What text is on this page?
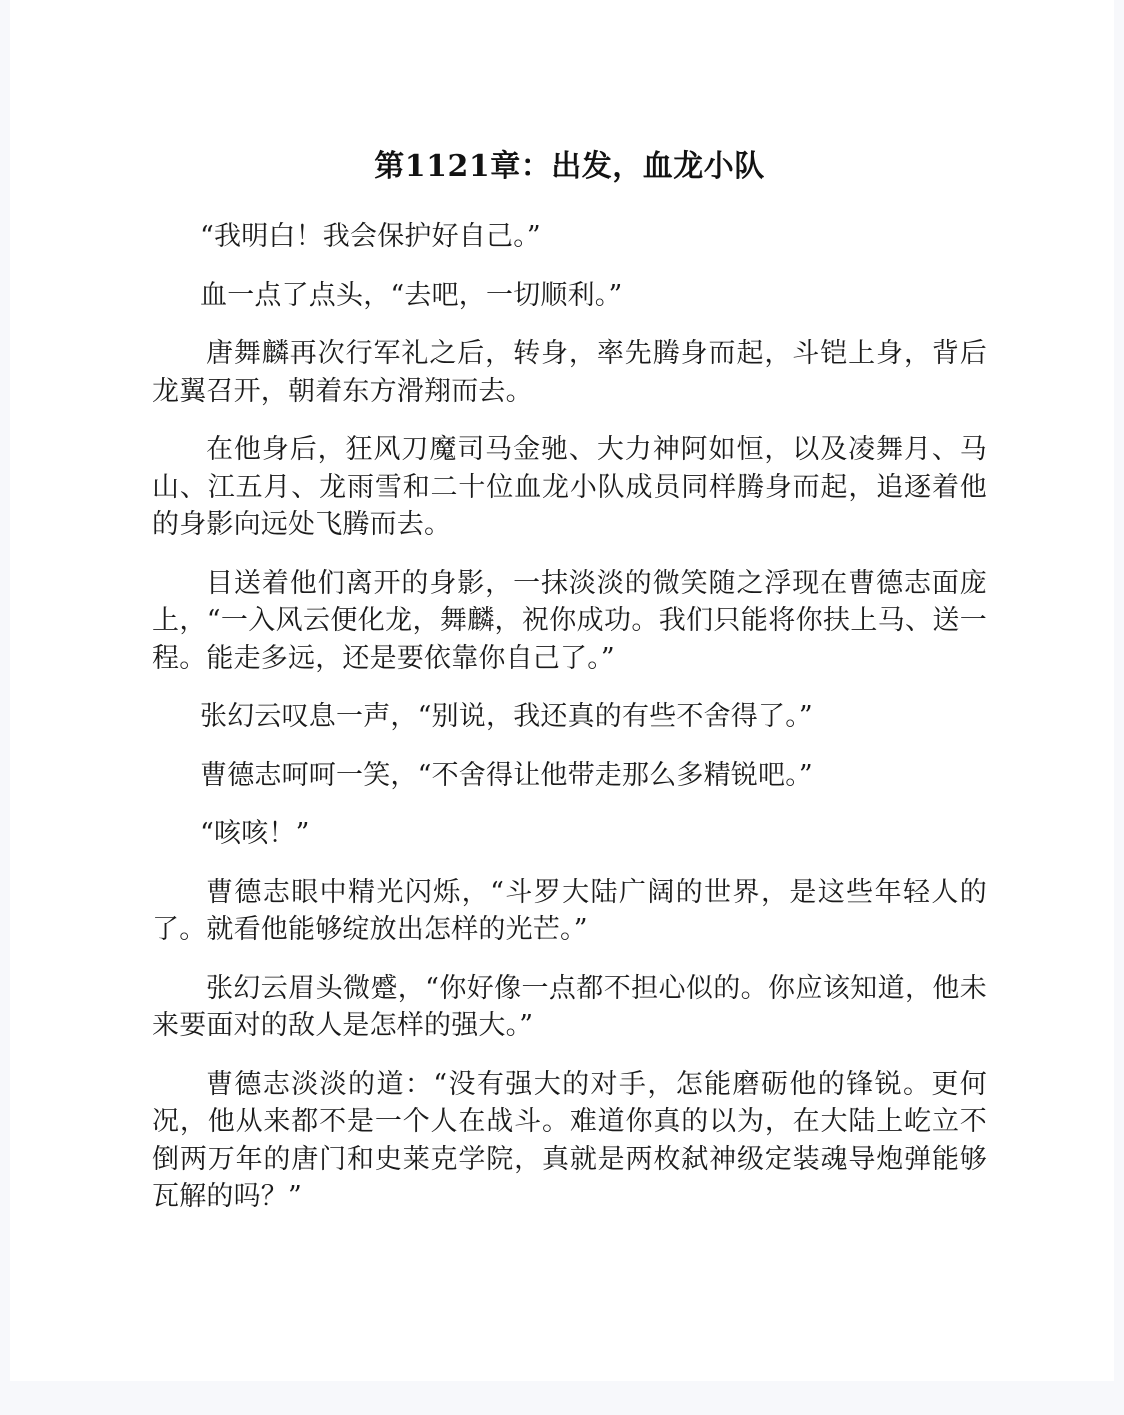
第1121章：出发，血龙小队

“我明白！我会保护好自己。”

血一点了点头，“去吧，一切顺利。”

唐舞麟再次行军礼之后，转身，率先腾身而起，斗铠上身，背后龙翼召开，朝着东方滑翔而去。

在他身后，狂风刀魔司马金驰、大力神阿如恒，以及凌舞月、马山、江五月、龙雨雪和二十位血龙小队成员同样腾身而起，追逐着他的身影向远处飞腾而去。

目送着他们离开的身影，一抹淡淡的微笑随之浮现在曹德志面庞上，“一入风云便化龙，舞麟，祝你成功。我们只能将你扶上马、送一程。能走多远，还是要依靠你自己了。”

张幻云叹息一声，“别说，我还真的有些不舍得了。”

曹德志呵呵一笑，“不舍得让他带走那么多精锐吧。”

“咳咳！”

曹德志眼中精光闪烁，“斗罗大陆广阔的世界，是这些年轻人的了。就看他能够绽放出怎样的光芒。”

张幻云眉头微蹙，“你好像一点都不担心似的。你应该知道，他未来要面对的敌人是怎样的强大。”

曹德志淡淡的道：“没有强大的对手，怎能磨砺他的锋锐。更何况，他从来都不是一个人在战斗。难道你真的以为，在大陆上屹立不倒两万年的唐门和史莱克学院，真就是两枚弑神级定装魂导炮弹能够瓦解的吗？”
